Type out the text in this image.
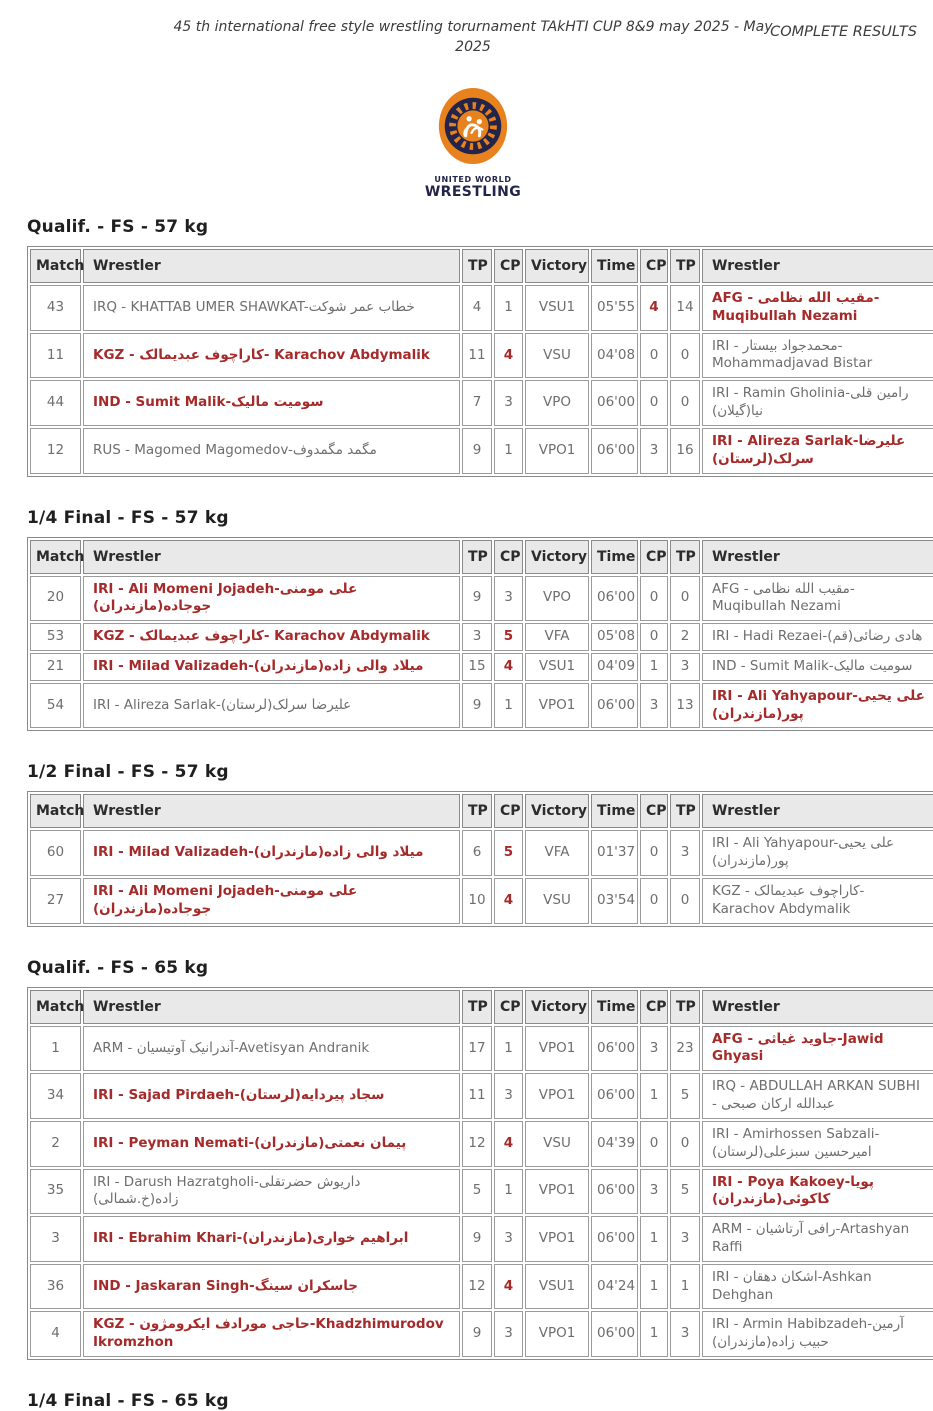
45 th international free style wrestling torurnament TAkHTI CUP 8&9 may 2025 - May 2025
COMPLETE RESULTS
UNITED WORLD
WRESTLING
Qualif. - FS - 57 kg
Match	Wrestler	TP	CP	Victory	Time	CP	TP	Wrestler
43	IRQ - KHATTAB UMER SHAWKAT-خطاب عمر شوكت	4	1	VSU1	05'55	4	14	AFG - مقیب الله نظامی-Muqibullah Nezami
11	KGZ - کاراچوف عبدیمالک- Karachov Abdymalik	11	4	VSU	04'08	0	0	IRI - محمدجواد بیستار-Mohammadjavad Bistar
44	IND - Sumit Malik-سومیت مالیک	7	3	VPO	06'00	0	0	IRI - Ramin Gholinia-رامین قلی نیا(گیلان)
12	RUS - Magomed Magomedov-مگمد مگمدوف	9	1	VPO1	06'00	3	16	IRI - Alireza Sarlak-علیرضا سرلک(لرستان)
1/4 Final - FS - 57 kg
Match	Wrestler	TP	CP	Victory	Time	CP	TP	Wrestler
20	IRI - Ali Momeni Jojadeh-علی مومنی جوجاده(مازندران)	9	3	VPO	06'00	0	0	AFG - مقیب الله نظامی-Muqibullah Nezami
53	KGZ - کاراچوف عبدیمالک- Karachov Abdymalik	3	5	VFA	05'08	0	2	IRI - Hadi Rezaei-هادی رضائی(قم)
21	IRI - Milad Valizadeh-میلاد والی زاده(مازندران)	15	4	VSU1	04'09	1	3	IND - Sumit Malik-سومیت مالیک
54	IRI - Alireza Sarlak-علیرضا سرلک(لرستان)	9	1	VPO1	06'00	3	13	IRI - Ali Yahyapour-علی یحیی پور(مازندران)
1/2 Final - FS - 57 kg
Match	Wrestler	TP	CP	Victory	Time	CP	TP	Wrestler
60	IRI - Milad Valizadeh-میلاد والی زاده(مازندران)	6	5	VFA	01'37	0	3	IRI - Ali Yahyapour-علی یحیی پور(مازندران)
27	IRI - Ali Momeni Jojadeh-علی مومنی جوجاده(مازندران)	10	4	VSU	03'54	0	0	KGZ - کاراچوف عبدیمالک- Karachov Abdymalik
Qualif. - FS - 65 kg
Match	Wrestler	TP	CP	Victory	Time	CP	TP	Wrestler
1	ARM - آندرانیک آوتیسیان-Avetisyan Andranik	17	1	VPO1	06'00	3	23	AFG - جاوید غیاثی-Jawid Ghyasi
34	IRI - Sajad Pirdaeh-سجاد پیردایه(لرستان)	11	3	VPO1	06'00	1	5	IRQ - ABDULLAH ARKAN SUBHI - عبدالله ارکان صبحی
2	IRI - Peyman Nemati-پیمان نعمتی(مازندران)	12	4	VSU	04'39	0	0	IRI - Amirhossen Sabzali-امیرحسین سبزعلی(لرستان)
35	IRI - Darush Hazratgholi-داریوش حضرتقلی زاده(خ.شمالی)	5	1	VPO1	06'00	3	5	IRI - Poya Kakoey-پویا کاکوئی(مازندران)
3	IRI - Ebrahim Khari-ابراهیم خواری(مازندران)	9	3	VPO1	06'00	1	3	ARM - رافی آرتاشیان-Artashyan Raffi
36	IND - Jaskaran Singh-جاسکران سینگ	12	4	VSU1	04'24	1	1	IRI - اشکان دهقان-Ashkan Dehghan
4	KGZ - حاجی مورادف ایکرومژون-Khadzhimurodov Ikromzhon	9	3	VPO1	06'00	1	3	IRI - Armin Habibzadeh-آرمین حبیب زاده(مازندران)
1/4 Final - FS - 65 kg
